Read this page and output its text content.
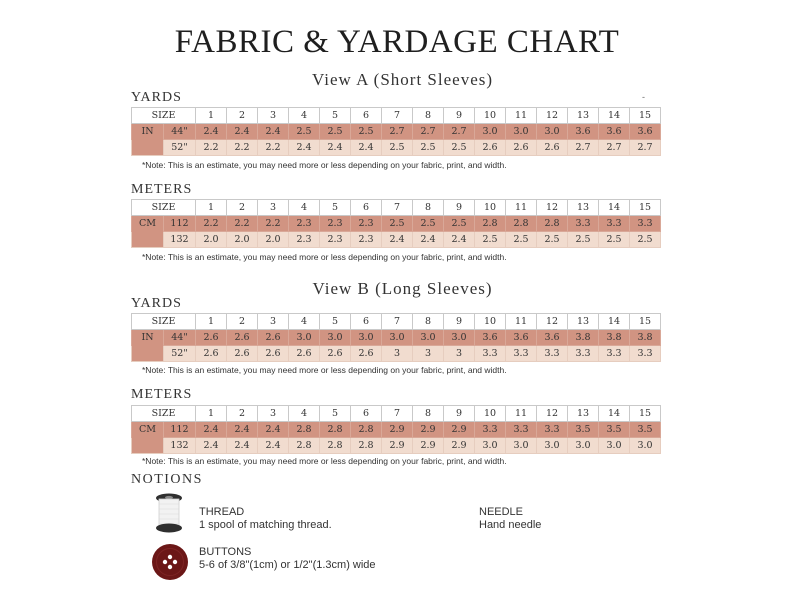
FABRIC & YARDAGE CHART
View A (Short Sleeves)
-
YARDS
SIZE		1	2	3	4	5	6	7	8	9	10	11	12	13	14	15
IN	44"	2.4	2.4	2.4	2.5	2.5	2.5	2.7	2.7	2.7	3.0	3.0	3.0	3.6	3.6	3.6
	52"	2.2	2.2	2.2	2.4	2.4	2.4	2.5	2.5	2.5	2.6	2.6	2.6	2.7	2.7	2.7
*Note: This is an estimate, you may need more or less depending on your fabric, print, and width.
METERS
SIZE		1	2	3	4	5	6	7	8	9	10	11	12	13	14	15
CM	112	2.2	2.2	2.2	2.3	2.3	2.3	2.5	2.5	2.5	2.8	2.8	2.8	3.3	3.3	3.3
	132	2.0	2.0	2.0	2.3	2.3	2.3	2.4	2.4	2.4	2.5	2.5	2.5	2.5	2.5	2.5
*Note: This is an estimate, you may need more or less depending on your fabric, print, and width.
View B (Long Sleeves)
YARDS
SIZE		1	2	3	4	5	6	7	8	9	10	11	12	13	14	15
IN	44"	2.6	2.6	2.6	3.0	3.0	3.0	3.0	3.0	3.0	3.6	3.6	3.6	3.8	3.8	3.8
	52"	2.6	2.6	2.6	2.6	2.6	2.6	3	3	3	3.3	3.3	3.3	3.3	3.3	3.3
*Note: This is an estimate, you may need more or less depending on your fabric, print, and width.
METERS
SIZE		1	2	3	4	5	6	7	8	9	10	11	12	13	14	15
CM	112	2.4	2.4	2.4	2.8	2.8	2.8	2.9	2.9	2.9	3.3	3.3	3.3	3.5	3.5	3.5
	132	2.4	2.4	2.4	2.8	2.8	2.8	2.9	2.9	2.9	3.0	3.0	3.0	3.0	3.0	3.0
*Note: This is an estimate, you may need more or less depending on your fabric, print, and width.
NOTIONS
THREAD
1 spool of matching thread.
NEEDLE
Hand needle
BUTTONS
5-6 of 3/8"(1cm) or 1/2"(1.3cm) wide
